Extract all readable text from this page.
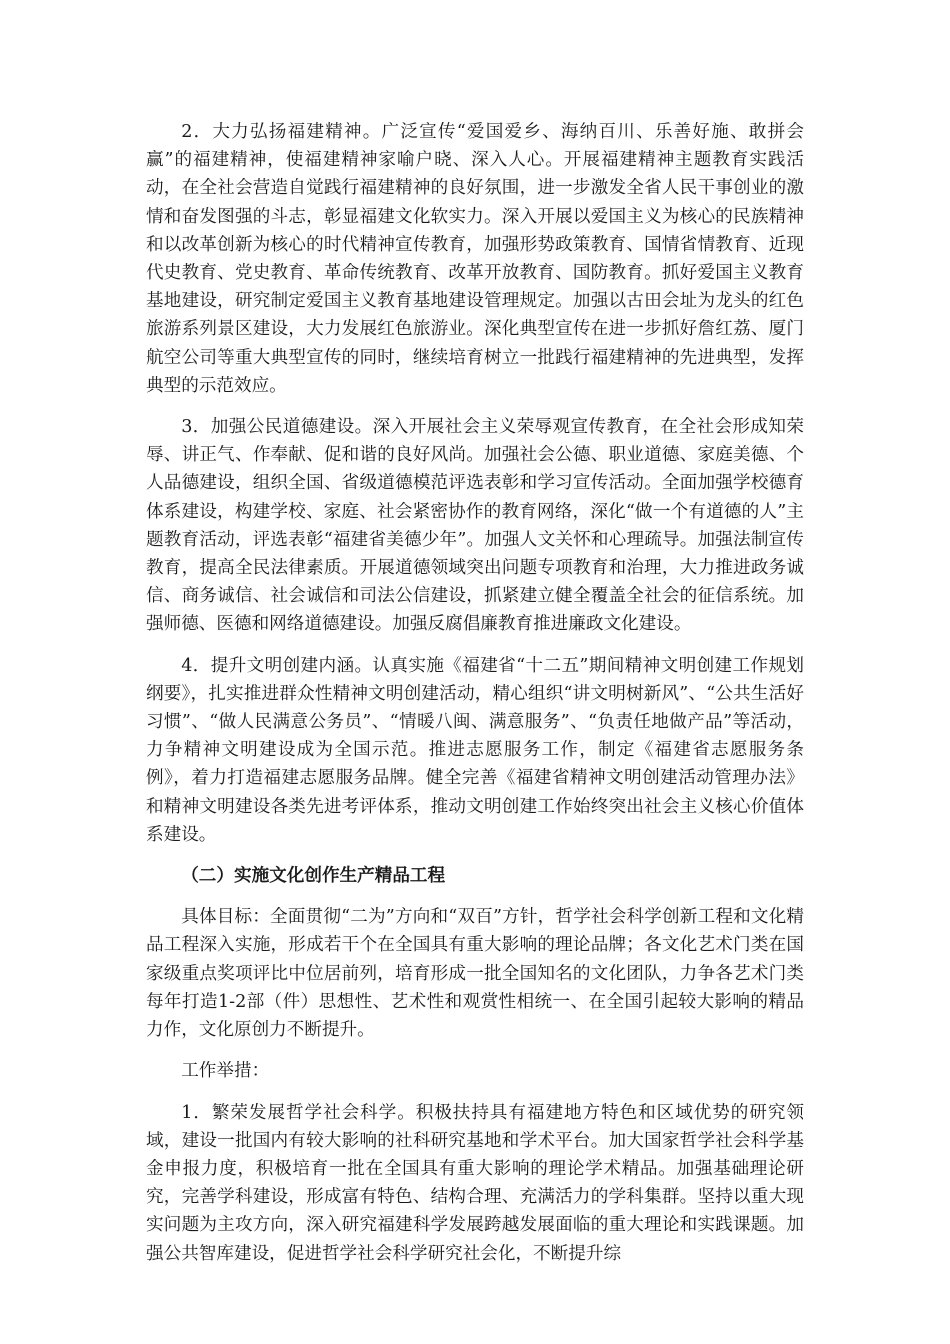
2．大力弘扬福建精神。广泛宣传“爱国爱乡、海纳百川、乐善好施、敢拼会赢”的福建精神，使福建精神家喻户晓、深入人心。开展福建精神主题教育实践活动，在全社会营造自觉践行福建精神的良好氛围，进一步激发全省人民干事创业的激情和奋发图强的斗志，彰显福建文化软实力。深入开展以爱国主义为核心的民族精神和以改革创新为核心的时代精神宣传教育，加强形势政策教育、国情省情教育、近现代史教育、党史教育、革命传统教育、改革开放教育、国防教育。抓好爱国主义教育基地建设，研究制定爱国主义教育基地建设管理规定。加强以古田会址为龙头的红色旅游系列景区建设，大力发展红色旅游业。深化典型宣传在进一步抓好詹红荔、厦门航空公司等重大典型宣传的同时，继续培育树立一批践行福建精神的先进典型，发挥典型的示范效应。

3．加强公民道德建设。深入开展社会主义荣辱观宣传教育，在全社会形成知荣辱、讲正气、作奉献、促和谐的良好风尚。加强社会公德、职业道德、家庭美德、个人品德建设，组织全国、省级道德模范评选表彰和学习宣传活动。全面加强学校德育体系建设，构建学校、家庭、社会紧密协作的教育网络，深化“做一个有道德的人”主题教育活动，评选表彰“福建省美德少年”。加强人文关怀和心理疏导。加强法制宣传教育，提高全民法律素质。开展道德领域突出问题专项教育和治理，大力推进政务诚信、商务诚信、社会诚信和司法公信建设，抓紧建立健全覆盖全社会的征信系统。加强师德、医德和网络道德建设。加强反腐倡廉教育推进廉政文化建设。

4．提升文明创建内涵。认真实施《福建省“十二五”期间精神文明创建工作规划纲要》，扎实推进群众性精神文明创建活动，精心组织“讲文明树新风”、“公共生活好习惯”、“做人民满意公务员”、“情暖八闽、满意服务”、“负责任地做产品”等活动，力争精神文明建设成为全国示范。推进志愿服务工作，制定《福建省志愿服务条例》，着力打造福建志愿服务品牌。健全完善《福建省精神文明创建活动管理办法》和精神文明建设各类先进考评体系，推动文明创建工作始终突出社会主义核心价值体系建设。

（二）实施文化创作生产精品工程

具体目标：全面贯彻“二为”方向和“双百”方针，哲学社会科学创新工程和文化精品工程深入实施，形成若干个在全国具有重大影响的理论品牌；各文化艺术门类在国家级重点奖项评比中位居前列，培育形成一批全国知名的文化团队，力争各艺术门类每年打造1-2部（件）思想性、艺术性和观赏性相统一、在全国引起较大影响的精品力作，文化原创力不断提升。

工作举措：

1．繁荣发展哲学社会科学。积极扶持具有福建地方特色和区域优势的研究领域，建设一批国内有较大影响的社科研究基地和学术平台。加大国家哲学社会科学基金申报力度，积极培育一批在全国具有重大影响的理论学术精品。加强基础理论研究，完善学科建设，形成富有特色、结构合理、充满活力的学科集群。坚持以重大现实问题为主攻方向，深入研究福建科学发展跨越发展面临的重大理论和实践课题。加强公共智库建设，促进哲学社会科学研究社会化，不断提升综
